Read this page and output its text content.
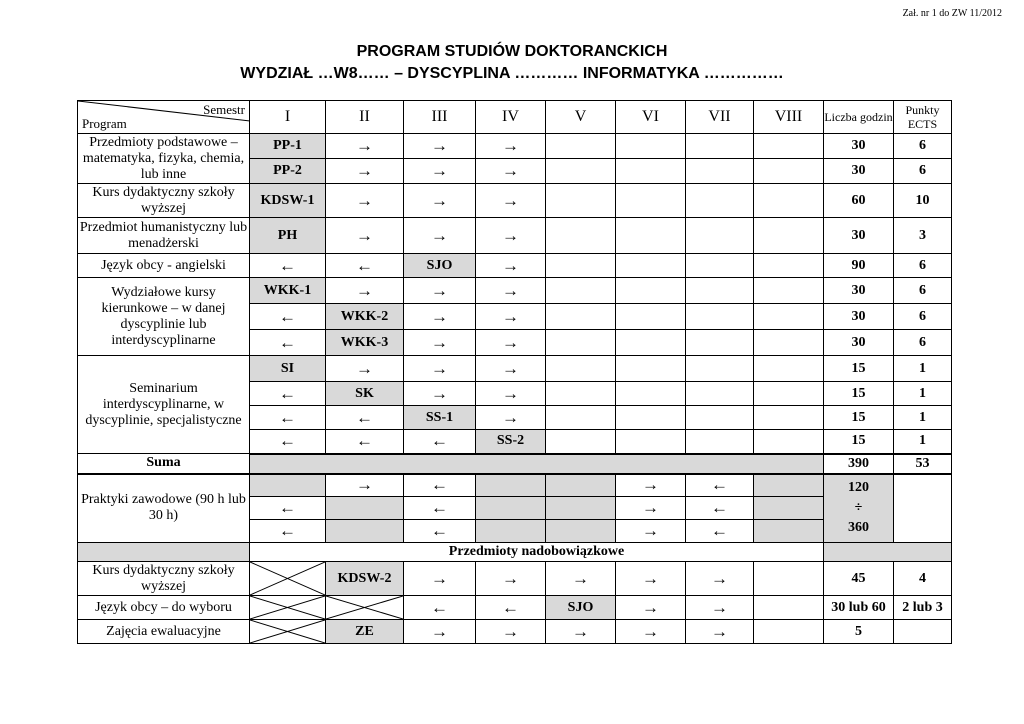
Zał. nr 1 do ZW 11/2012
PROGRAM STUDIÓW DOKTORANCKICH
WYDZIAŁ …W8…… – DYSCYPLINA ………… INFORMATYKA ……………
Semestr
Program	I	II	III	IV	V	VI	VII	VIII	Liczba godzin	Punkty ECTS
Przedmioty podstawowe – matematyka, fizyka, chemia, lub inne	PP-1	→	→	→					30	6
	PP-2	→	→	→					30	6
Kurs dydaktyczny szkoły wyższej	KDSW-1	→	→	→					60	10
Przedmiot humanistyczny lub menadżerski	PH	→	→	→					30	3
Język obcy - angielski	←	←	SJO	→					90	6
Wydziałowe kursy kierunkowe – w danej dyscyplinie lub interdyscyplinarne	WKK-1	→	→	→					30	6
	←	WKK-2	→	→					30	6
	←	WKK-3	→	→					30	6
Seminarium interdyscyplinarne, w dyscyplinie, specjalistyczne	SI	→	→	→					15	1
	←	SK	→	→					15	1
	←	←	SS-1	→					15	1
	←	←	←	SS-2					15	1
Suma									390	53
Praktyki zawodowe (90 h lub 30 h)		→	←			→	←		120 ÷ 360	

	←		←			→	←			
	←		←			→	←			
	Przedmioty nadobowiązkowe									
Kurs dydaktyczny szkoły wyższej		KDSW-2	→	→	→	→	→		45	4
Język obcy – do wyboru			←	←	SJO	→	→		30 lub 60	2 lub 3
Zajęcia ewaluacyjne		ZE	→	→	→	→	→		5	
